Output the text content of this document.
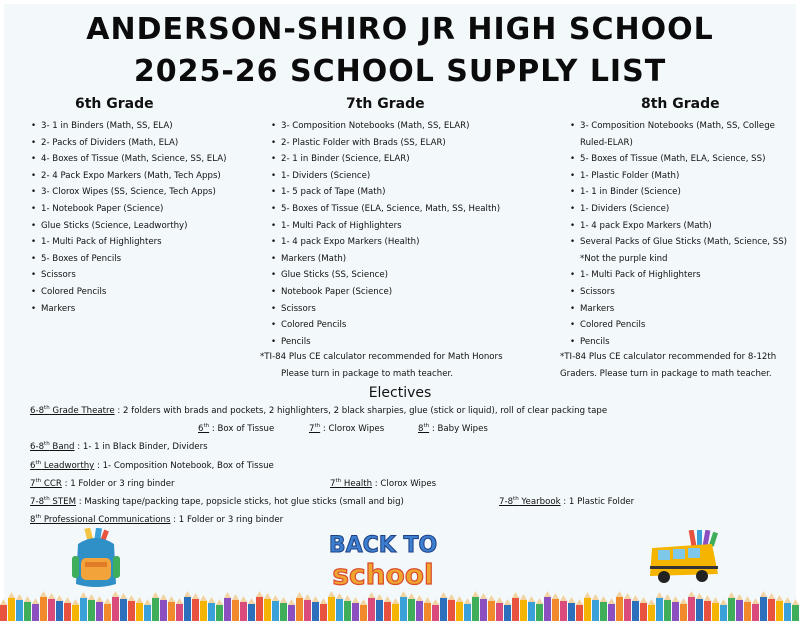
ANDERSON-SHIRO JR HIGH SCHOOL
2025-26 SCHOOL SUPPLY LIST
6th Grade
• 3- 1 in Binders (Math, SS, ELA)
• 2- Packs of Dividers (Math, ELA)
• 4- Boxes of Tissue (Math, Science, SS, ELA)
• 2- 4 Pack Expo Markers (Math, Tech Apps)
• 3- Clorox Wipes (SS, Science, Tech Apps)
• 1- Notebook Paper (Science)
• Glue Sticks (Science, Leadworthy)
• 1- Multi Pack of Highlighters
• 5- Boxes of Pencils
• Scissors
• Colored Pencils
• Markers
7th Grade
• 3- Composition Notebooks (Math, SS, ELAR)
• 2- Plastic Folder with Brads (SS, ELAR)
• 2- 1 in Binder (Science, ELAR)
• 1- Dividers (Science)
• 1- 5 pack of Tape (Math)
• 5- Boxes of Tissue (ELA, Science, Math, SS, Health)
• 1- Multi Pack of Highlighters
• 1- 4 pack Expo Markers (Health)
• Markers (Math)
• Glue Sticks (SS, Science)
• Notebook Paper (Science)
• Scissors
• Colored Pencils
• Pencils
*TI-84 Plus CE calculator recommended for Math Honors
Please turn in package to math teacher.
8th Grade
• 3- Composition Notebooks (Math, SS, College Ruled-ELAR)
• 5- Boxes of Tissue (Math, ELA, Science, SS)
• 1- Plastic Folder (Math)
• 1- 1 in Binder (Science)
• 1- Dividers (Science)
• 1- 4 pack Expo Markers (Math)
• Several Packs of Glue Sticks (Math, Science, SS)
*Not the purple kind
• 1- Multi Pack of Highlighters
• Scissors
• Markers
• Colored Pencils
• Pencils
*TI-84 Plus CE calculator recommended for 8-12th
Graders. Please turn in package to math teacher.
Electives
6-8th Grade Theatre : 2 folders with brads and pockets, 2 highlighters, 2 black sharpies, glue (stick or liquid), roll of clear packing tape
6th : Box of Tissue	7th : Clorox Wipes	8th : Baby Wipes
6-8th Band : 1- 1 in Black Binder, Dividers
6th Leadworthy : 1- Composition Notebook, Box of Tissue
7th CCR : 1 Folder or 3 ring binder	7th Health : Clorox Wipes
7-8th STEM : Masking tape/packing tape, popsicle sticks, hot glue sticks (small and big)	7-8th Yearbook : 1 Plastic Folder
8th Professional Communications : 1 Folder or 3 ring binder
BACK TO
school
